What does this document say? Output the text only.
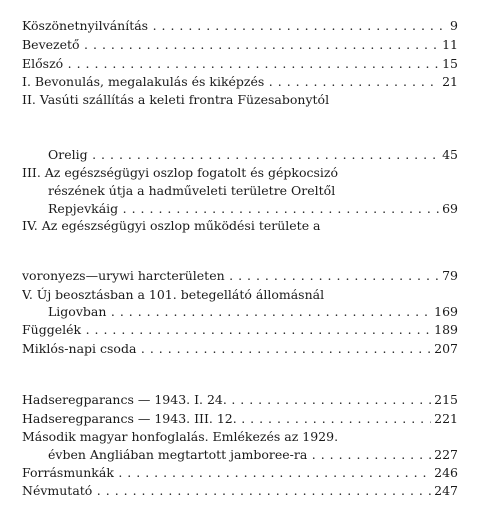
Köszönetnyilvánítás . . .	9
Bevezető . . .	11
Előszó . . .	15
I. Bevonulás, megalakulás és kiképzés . . .	21
II. Vasúti szállítás a keleti frontra Füzesabonytól
Orelig . . .	45
III. Az egészségügyi oszlop fogatolt és gépkocsizó
részének útja a hadműveleti területre Oreltől
Repjevkáig . . .	69
IV. Az egészségügyi oszlop működési területe a
voronyezs—urywi harcterületen . . .	79
V. Új beosztásban a 101. betegellátó állomásnál
Ligovban . . .	169
Függelék . . .	189
Miklós-napi csoda . . .	207
Hadseregparancs — 1943. I. 24. . . .	215
Hadseregparancs — 1943. III. 12. . . .	221
Második magyar honfoglalás. Emlékezés az 1929.
évben Angliában megtartott jamboree-ra . . .	227
Forrásmunkák . . .	246
Névmutató . . .	247
